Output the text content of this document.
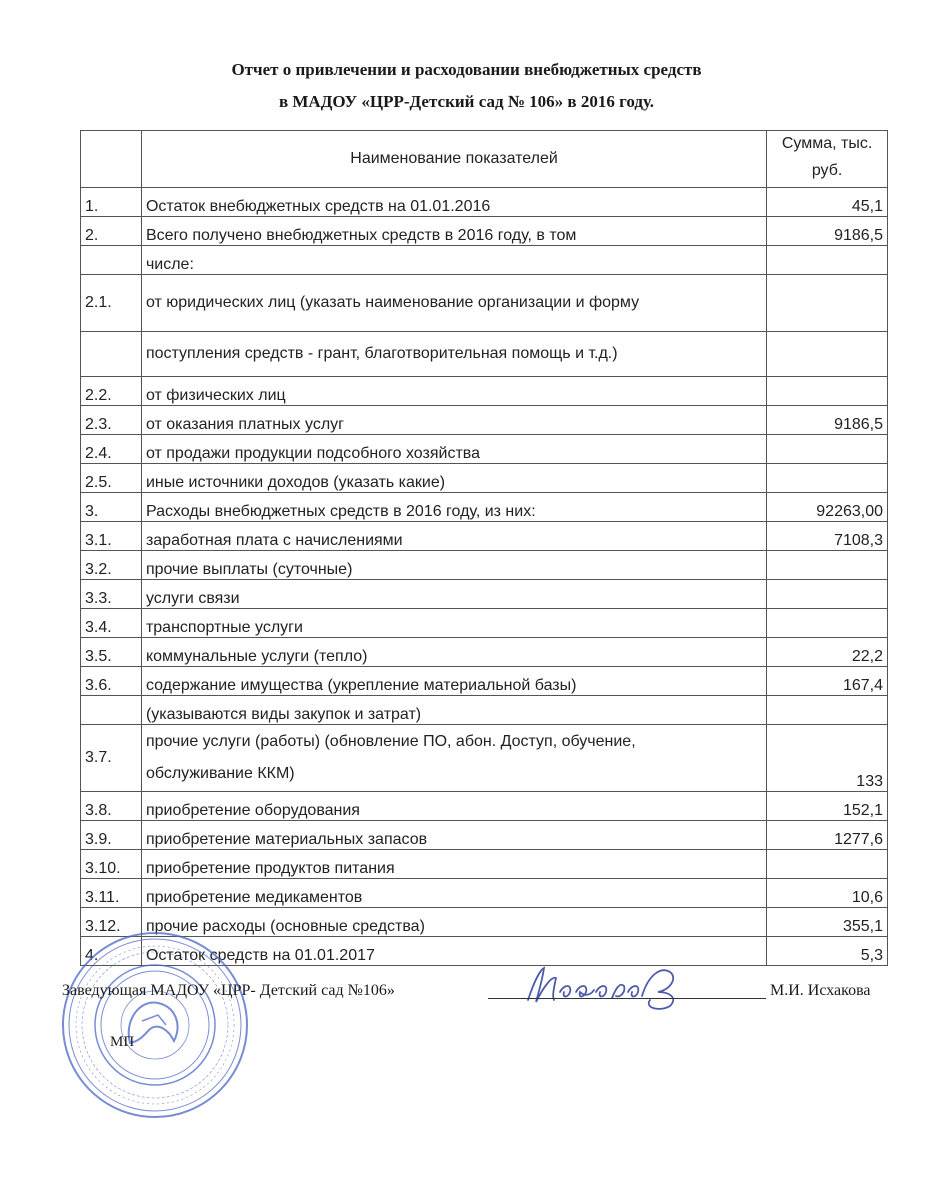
Отчет о привлечении и расходовании внебюджетных средств
в МАДОУ «ЦРР-Детский сад № 106» в 2016 году.
	Наименование показателей	Сумма, тыс.
руб.

1.	Остаток внебюджетных средств на 01.01.2016	45,1
2.	Всего получено внебюджетных средств в 2016 году, в том	9186,5
	числе:	
2.1.	от юридических лиц (указать наименование организации и форму	
	поступления средств - грант, благотворительная помощь и т.д.)	
2.2.	от физических лиц	
2.3.	от оказания платных услуг	9186,5
2.4.	от продажи продукции подсобного хозяйства	
2.5.	иные источники доходов (указать какие)	
3.	Расходы внебюджетных средств в 2016 году, из них:	92263,00
3.1.	заработная плата с начислениями	7108,3
3.2.	прочие выплаты (суточные)	
3.3.	услуги связи	
3.4.	транспортные услуги	
3.5.	коммунальные услуги (тепло)	22,2
3.6.	содержание имущества (укрепление материальной базы)	167,4
	(указываются виды закупок и затрат)	
3.7.	прочие услуги (работы) (обновление ПО, абон. Доступ, обучение,
обслуживание ККМ)	133
3.8.	приобретение оборудования	152,1
3.9.	приобретение материальных запасов	1277,6
3.10.	приобретение продуктов питания	
3.11.	приобретение медикаментов	10,6
3.12.	прочие расходы (основные средства)	355,1
4.	Остаток средств на 01.01.2017	5,3
Заведующая МАДОУ «ЦРР- Детский сад №106»	М.И. Исхакова
МП
